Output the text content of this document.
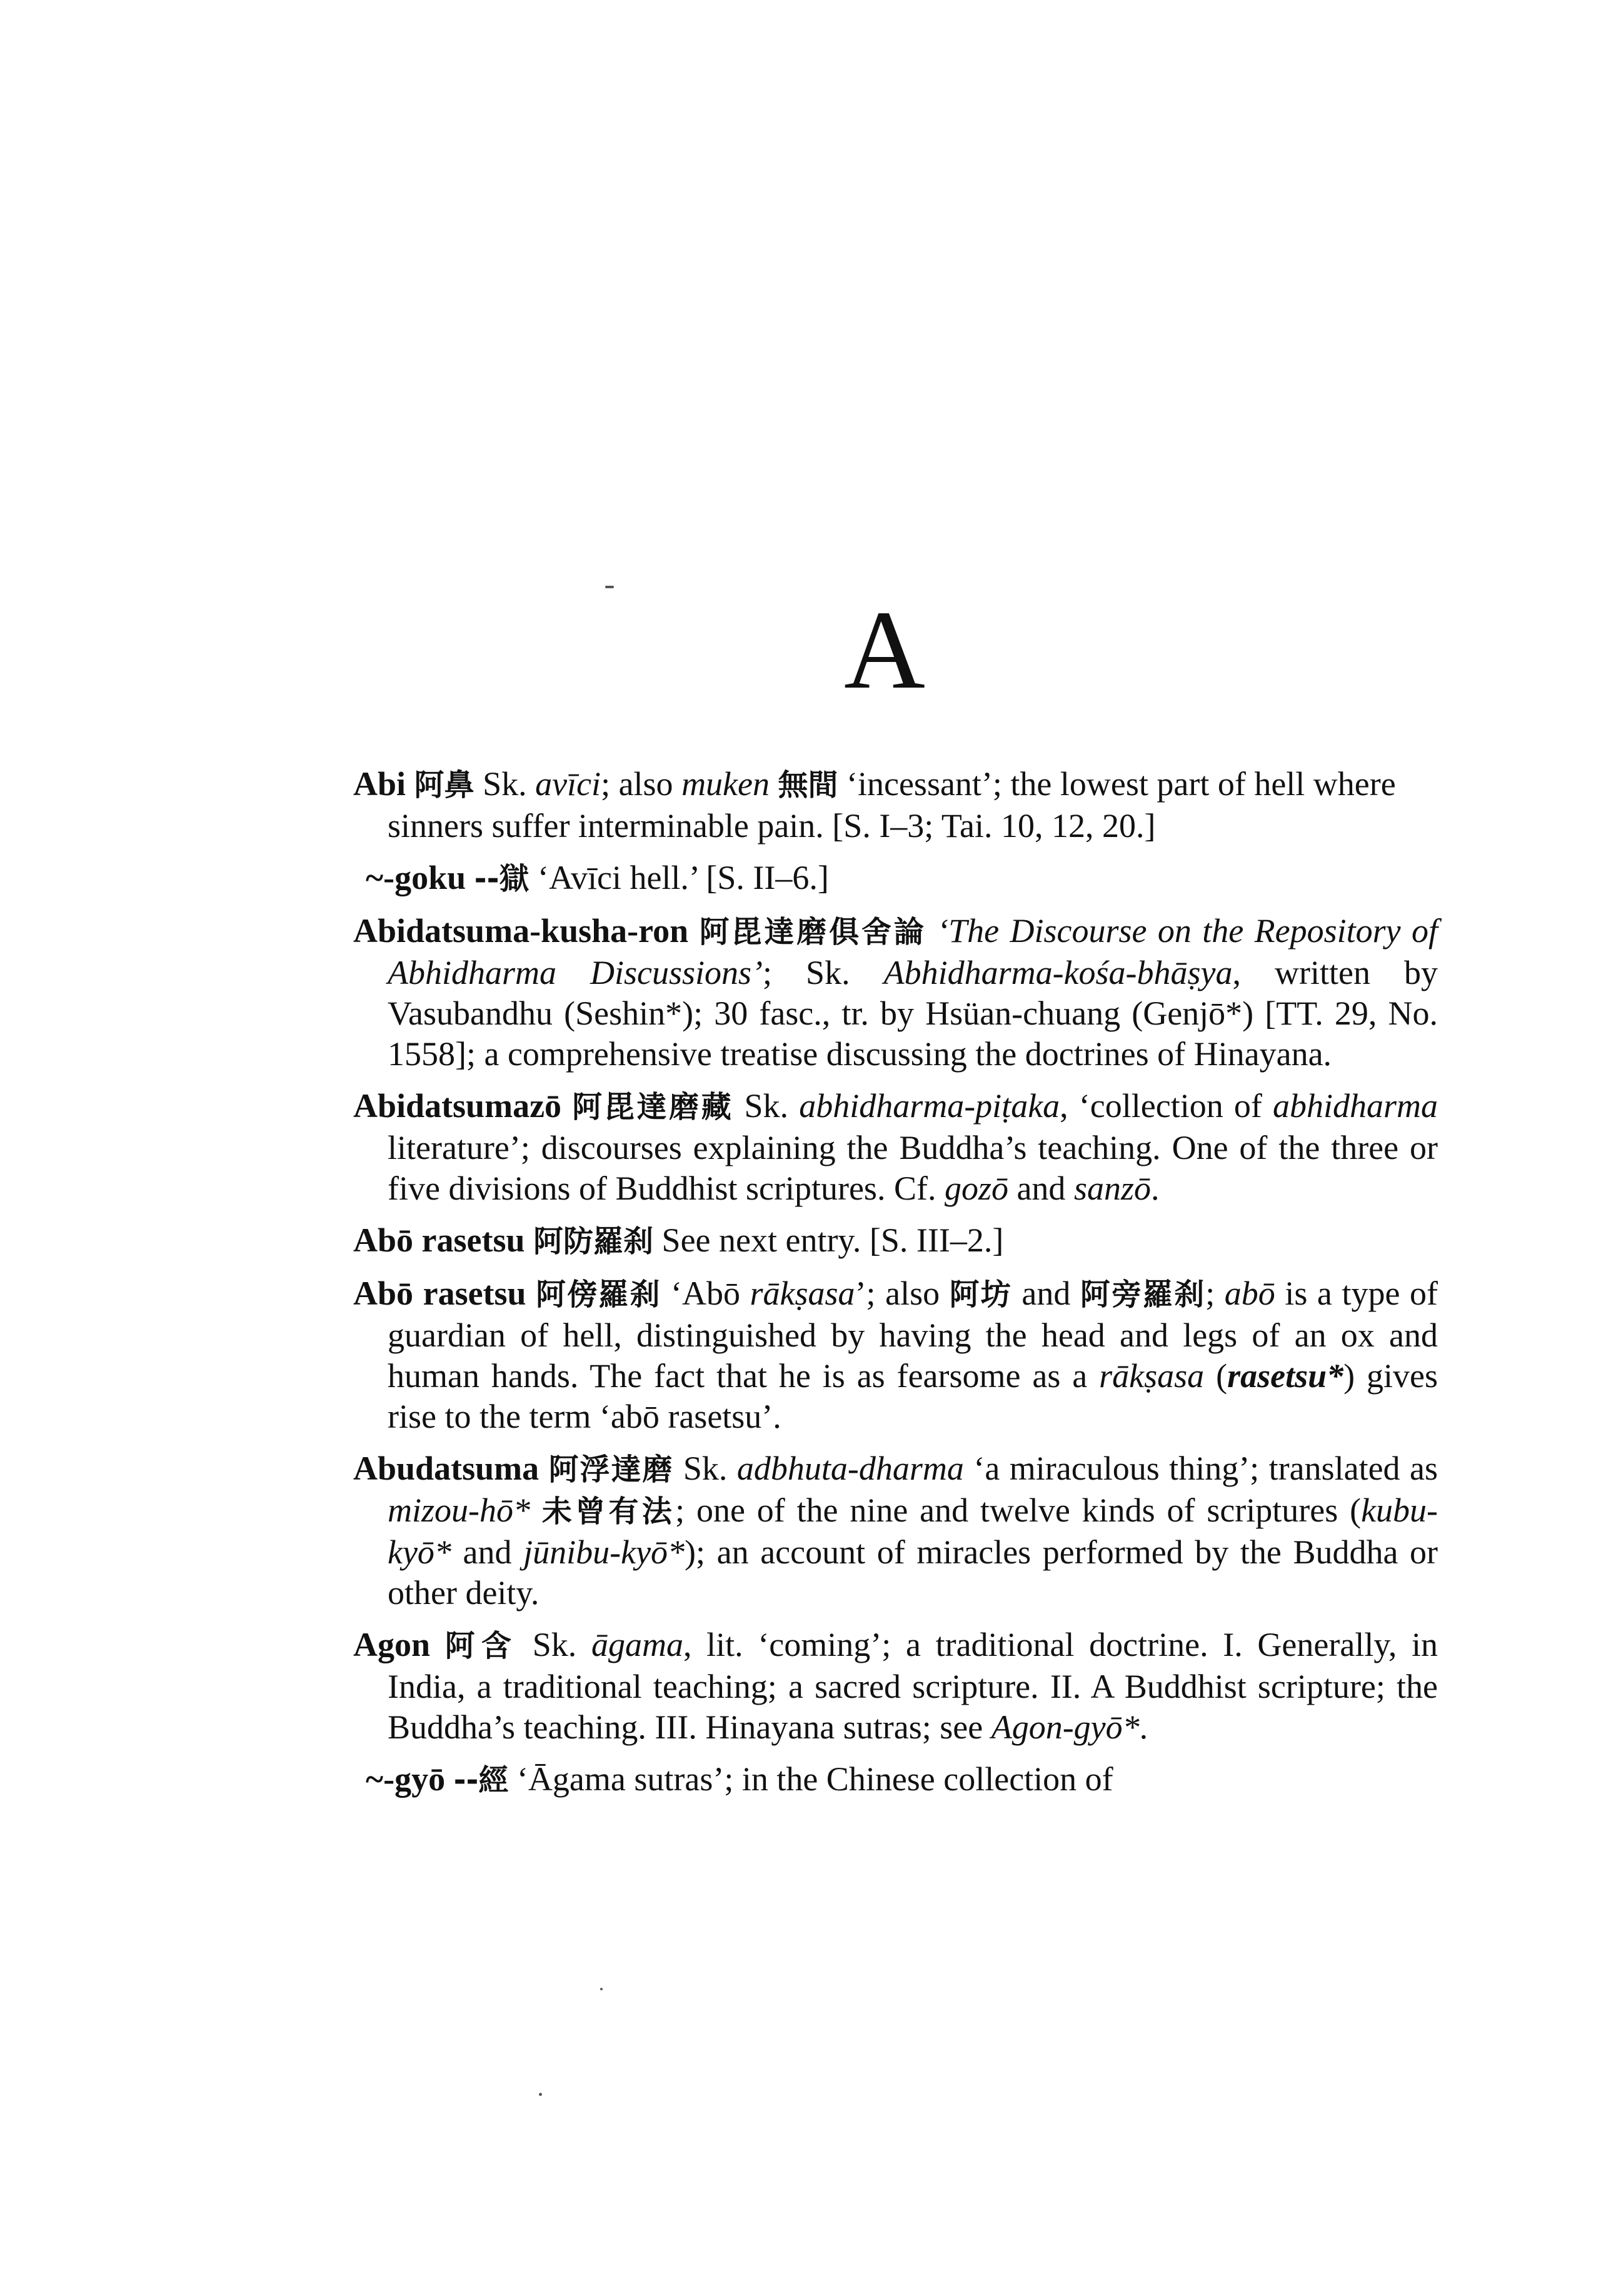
A
Abi 阿鼻 Sk. avīci; also muken 無間 ‘incessant’; the lowest part of hell where sinners suffer interminable pain. [S. I–3; Tai. 10, 12, 20.]
~-goku --獄 ‘Avīci hell.’ [S. II–6.]
Abidatsuma-kusha-ron 阿毘達磨俱舍論 ‘The Discourse on the Repository of Abhidharma Discussions’; Sk. Abhidharma-kośa-bhāṣya, written by Vasubandhu (Seshin*); 30 fasc., tr. by Hsüan-chuang (Genjō*) [TT. 29, No. 1558]; a comprehensive treatise discussing the doctrines of Hinayana.
Abidatsumazō 阿毘達磨藏 Sk. abhidharma-piṭaka, ‘collection of abhidharma literature’; discourses explaining the Buddha’s teaching. One of the three or five divisions of Buddhist scriptures. Cf. gozō and sanzō.
Abō rasetsu 阿防羅刹 See next entry. [S. III–2.]
Abō rasetsu 阿傍羅刹 ‘Abō rākṣasa’; also 阿坊 and 阿旁羅刹; abō is a type of guardian of hell, distinguished by having the head and legs of an ox and human hands. The fact that he is as fearsome as a rākṣasa (rasetsu*) gives rise to the term ‘abō rasetsu’.
Abudatsuma 阿浮達磨 Sk. adbhuta-dharma ‘a miraculous thing’; translated as mizou-hō* 未曾有法; one of the nine and twelve kinds of scriptures (kubu-kyō* and jūnibu-kyō*); an account of miracles performed by the Buddha or other deity.
Agon 阿含 Sk. āgama, lit. ‘coming’; a traditional doctrine. I. Generally, in India, a traditional teaching; a sacred scripture. II. A Buddhist scripture; the Buddha’s teaching. III. Hinayana sutras; see Agon-gyō*.
~-gyō --經 ‘Āgama sutras’; in the Chinese collection of
